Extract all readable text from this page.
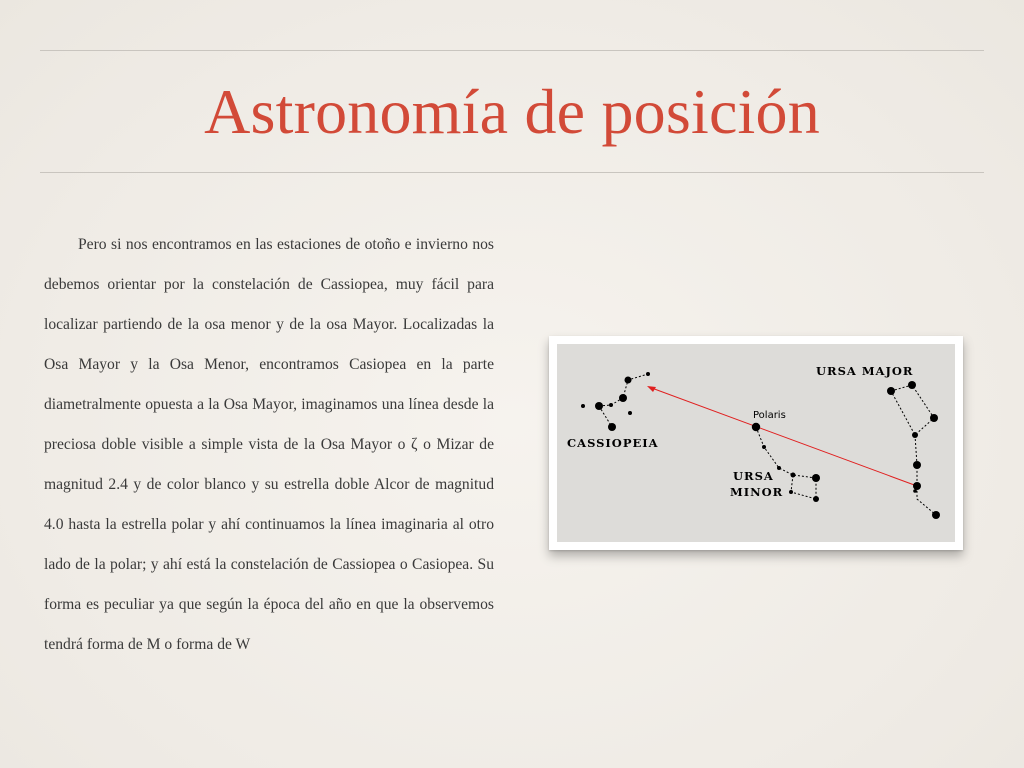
Astronomía de posición

Pero si nos encontramos en las estaciones de otoño e invierno nos debemos orientar por la constelación de Cassiopea, muy fácil para localizar partiendo de la osa menor y de la osa Mayor. Localizadas la Osa Mayor y la Osa Menor, encontramos Casiopea en la parte diametralmente opuesta a la Osa Mayor, imaginamos una línea desde la preciosa doble visible a simple vista de la Osa Mayor o ζ o Mizar de magnitud 2.4 y de color blanco y su estrella doble Alcor de magnitud 4.0 hasta la estrella polar y ahí continuamos la línea imaginaria al otro lado de la polar; y ahí está la constelación de Cassiopea o Casiopea. Su forma es peculiar ya que según la época del año en que la observemos tendrá forma de M o forma de W

URSA MAJOR
CASSIOPEIA
Polaris
URSA
MINOR
